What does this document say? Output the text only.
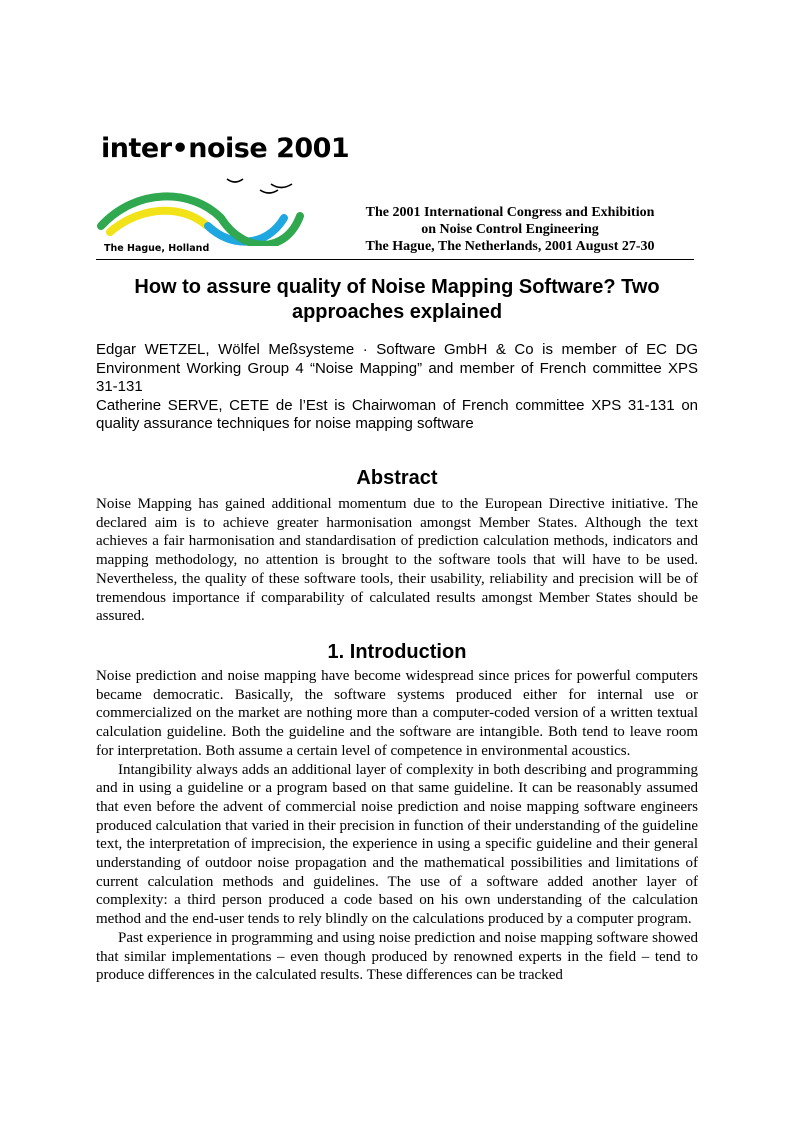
inter•noise 2001
The Hague, Holland
The 2001 International Congress and Exhibition
on Noise Control Engineering
The Hague, The Netherlands, 2001 August 27-30
How to assure quality of Noise Mapping Software? Two approaches explained

Edgar WETZEL, Wölfel Meßsysteme · Software GmbH & Co is member of EC DG Environment Working Group 4 “Noise Mapping” and member of French committee XPS 31-131

Catherine SERVE, CETE de l’Est is Chairwoman of French committee XPS 31-131 on quality assurance techniques for noise mapping software

Abstract

Noise Mapping has gained additional momentum due to the European Directive initiative. The declared aim is to achieve greater harmonisation amongst Member States. Although the text achieves a fair harmonisation and standardisation of prediction calculation methods, indicators and mapping methodology, no attention is brought to the software tools that will have to be used. Nevertheless, the quality of these software tools, their usability, reliability and precision will be of tremendous importance if comparability of calculated results amongst Member States should be assured.

1. Introduction

Noise prediction and noise mapping have become widespread since prices for powerful computers became democratic. Basically, the software systems produced either for internal use or commercialized on the market are nothing more than a computer-coded version of a written textual calculation guideline. Both the guideline and the software are intangible. Both tend to leave room for interpretation. Both assume a certain level of competence in environmental acoustics.

Intangibility always adds an additional layer of complexity in both describing and programming and in using a guideline or a program based on that same guideline. It can be reasonably assumed that even before the advent of commercial noise prediction and noise mapping software engineers produced calculation that varied in their precision in function of their understanding of the guideline text, the interpretation of imprecision, the experience in using a specific guideline and their general understanding of outdoor noise propagation and the mathematical possibilities and limitations of current calculation methods and guidelines. The use of a software added another layer of complexity: a third person produced a code based on his own understanding of the calculation method and the end-user tends to rely blindly on the calculations produced by a computer program.

Past experience in programming and using noise prediction and noise mapping software showed that similar implementations – even though produced by renowned experts in the field – tend to produce differences in the calculated results. These differences can be tracked
